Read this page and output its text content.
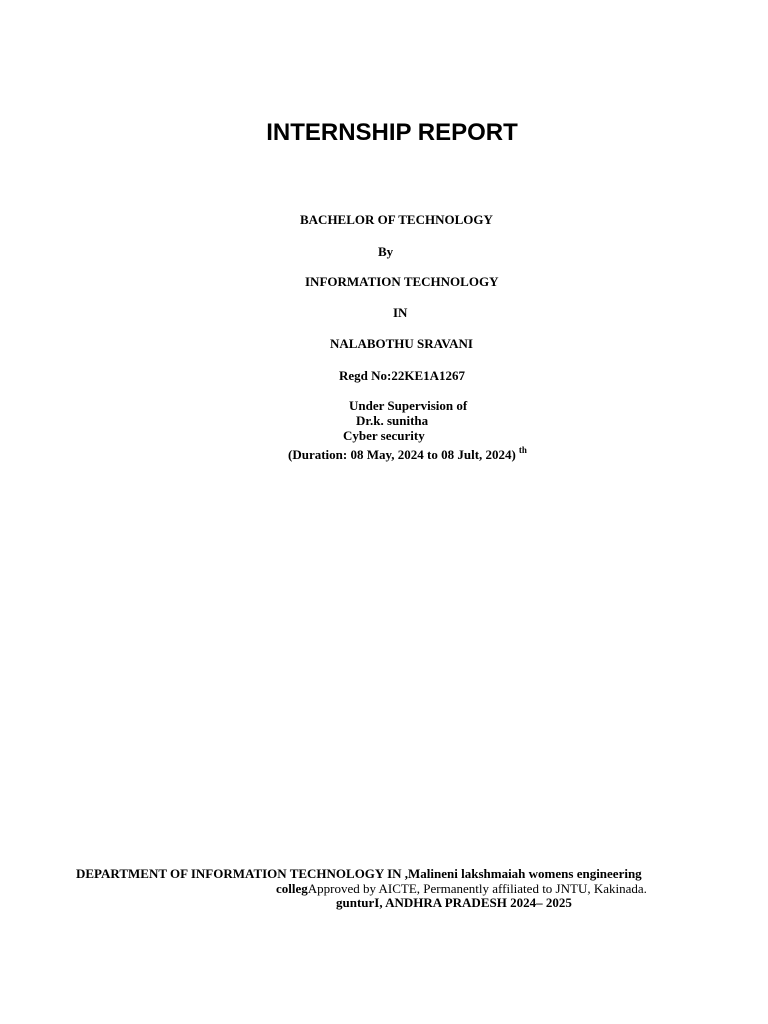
INTERNSHIP REPORT
BACHELOR OF TECHNOLOGY
By
INFORMATION TECHNOLOGY
IN
NALABOTHU SRAVANI
Regd No:22KE1A1267
Under Supervision of
Dr.k. sunitha
Cyber security
(Duration: 08 May, 2024 to 08 Jult, 2024) $^{th}$
DEPARTMENT OF INFORMATION TECHNOLOGY IN ,Malineni lakshmaiah womens engineering
collegApproved by AICTE, Permanently affiliated to JNTU, Kakinada.
gunturI, ANDHRA PRADESH 2024– 2025
